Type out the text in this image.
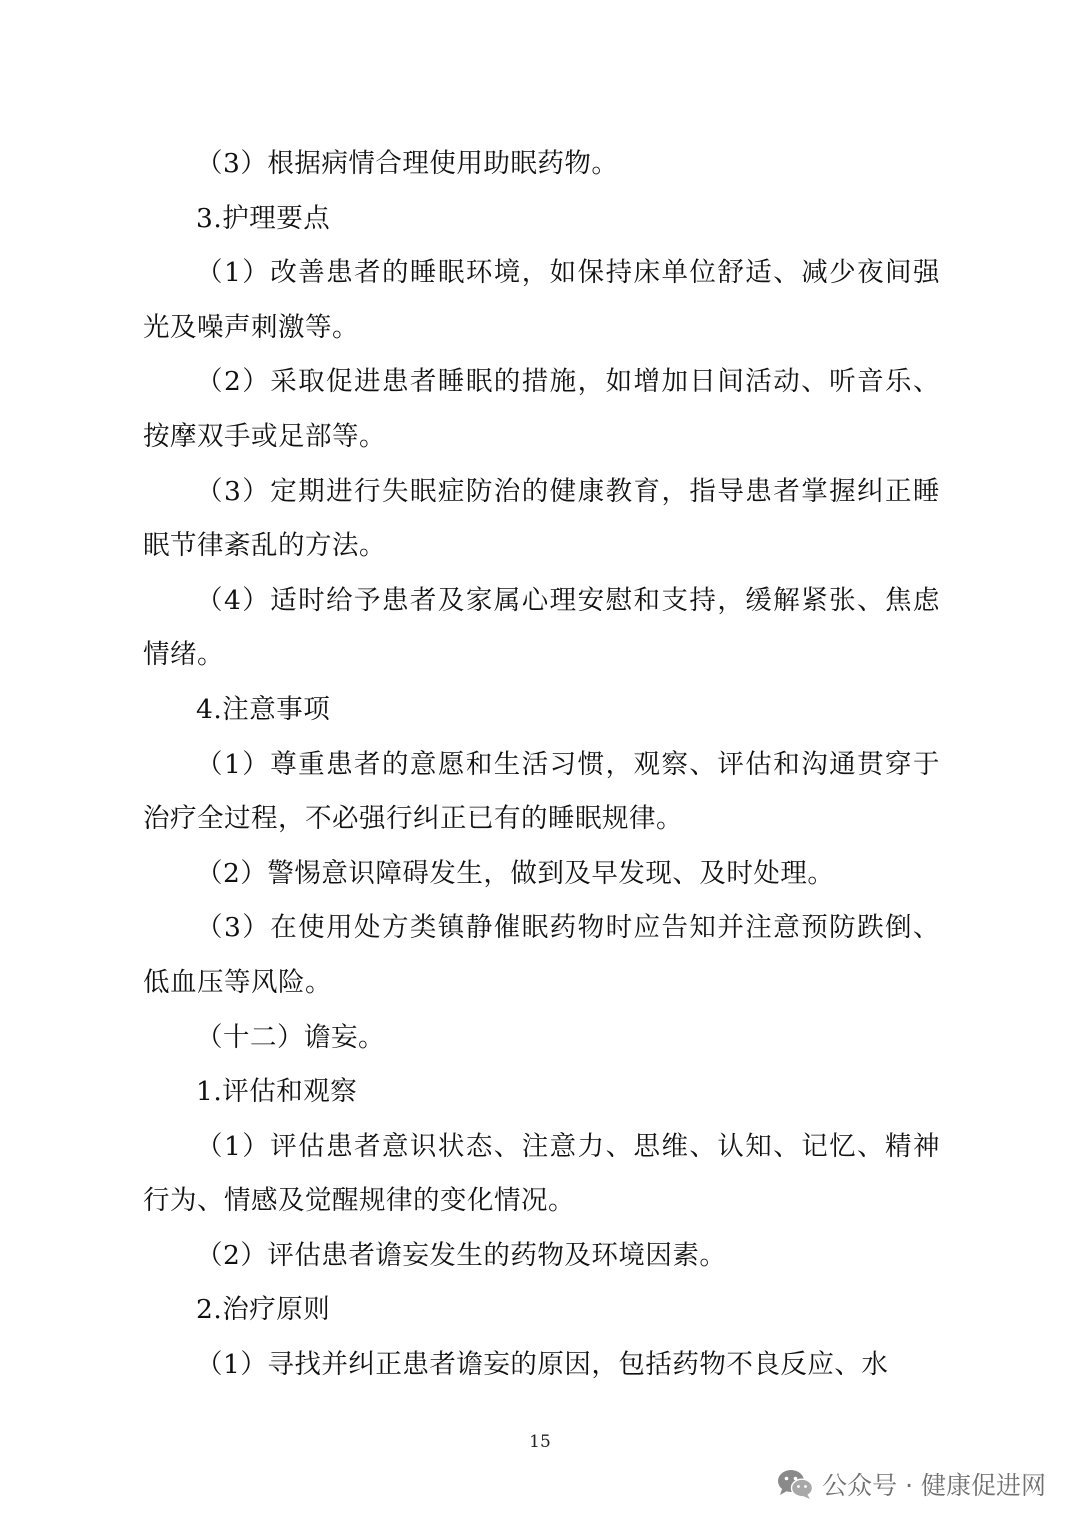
（3）根据病情合理使用助眠药物。

3.护理要点

（1）改善患者的睡眠环境，如保持床单位舒适、减少夜间强光及噪声刺激等。

（2）采取促进患者睡眠的措施，如增加日间活动、听音乐、按摩双手或足部等。

（3）定期进行失眠症防治的健康教育，指导患者掌握纠正睡眠节律紊乱的方法。

（4）适时给予患者及家属心理安慰和支持，缓解紧张、焦虑情绪。

4.注意事项

（1）尊重患者的意愿和生活习惯，观察、评估和沟通贯穿于治疗全过程，不必强行纠正已有的睡眠规律。

（2）警惕意识障碍发生，做到及早发现、及时处理。

（3）在使用处方类镇静催眠药物时应告知并注意预防跌倒、低血压等风险。

（十二）谵妄。

1.评估和观察

（1）评估患者意识状态、注意力、思维、认知、记忆、精神行为、情感及觉醒规律的变化情况。

（2）评估患者谵妄发生的药物及环境因素。

2.治疗原则

（1）寻找并纠正患者谵妄的原因，包括药物不良反应、水

15
公众号 · 健康促进网
